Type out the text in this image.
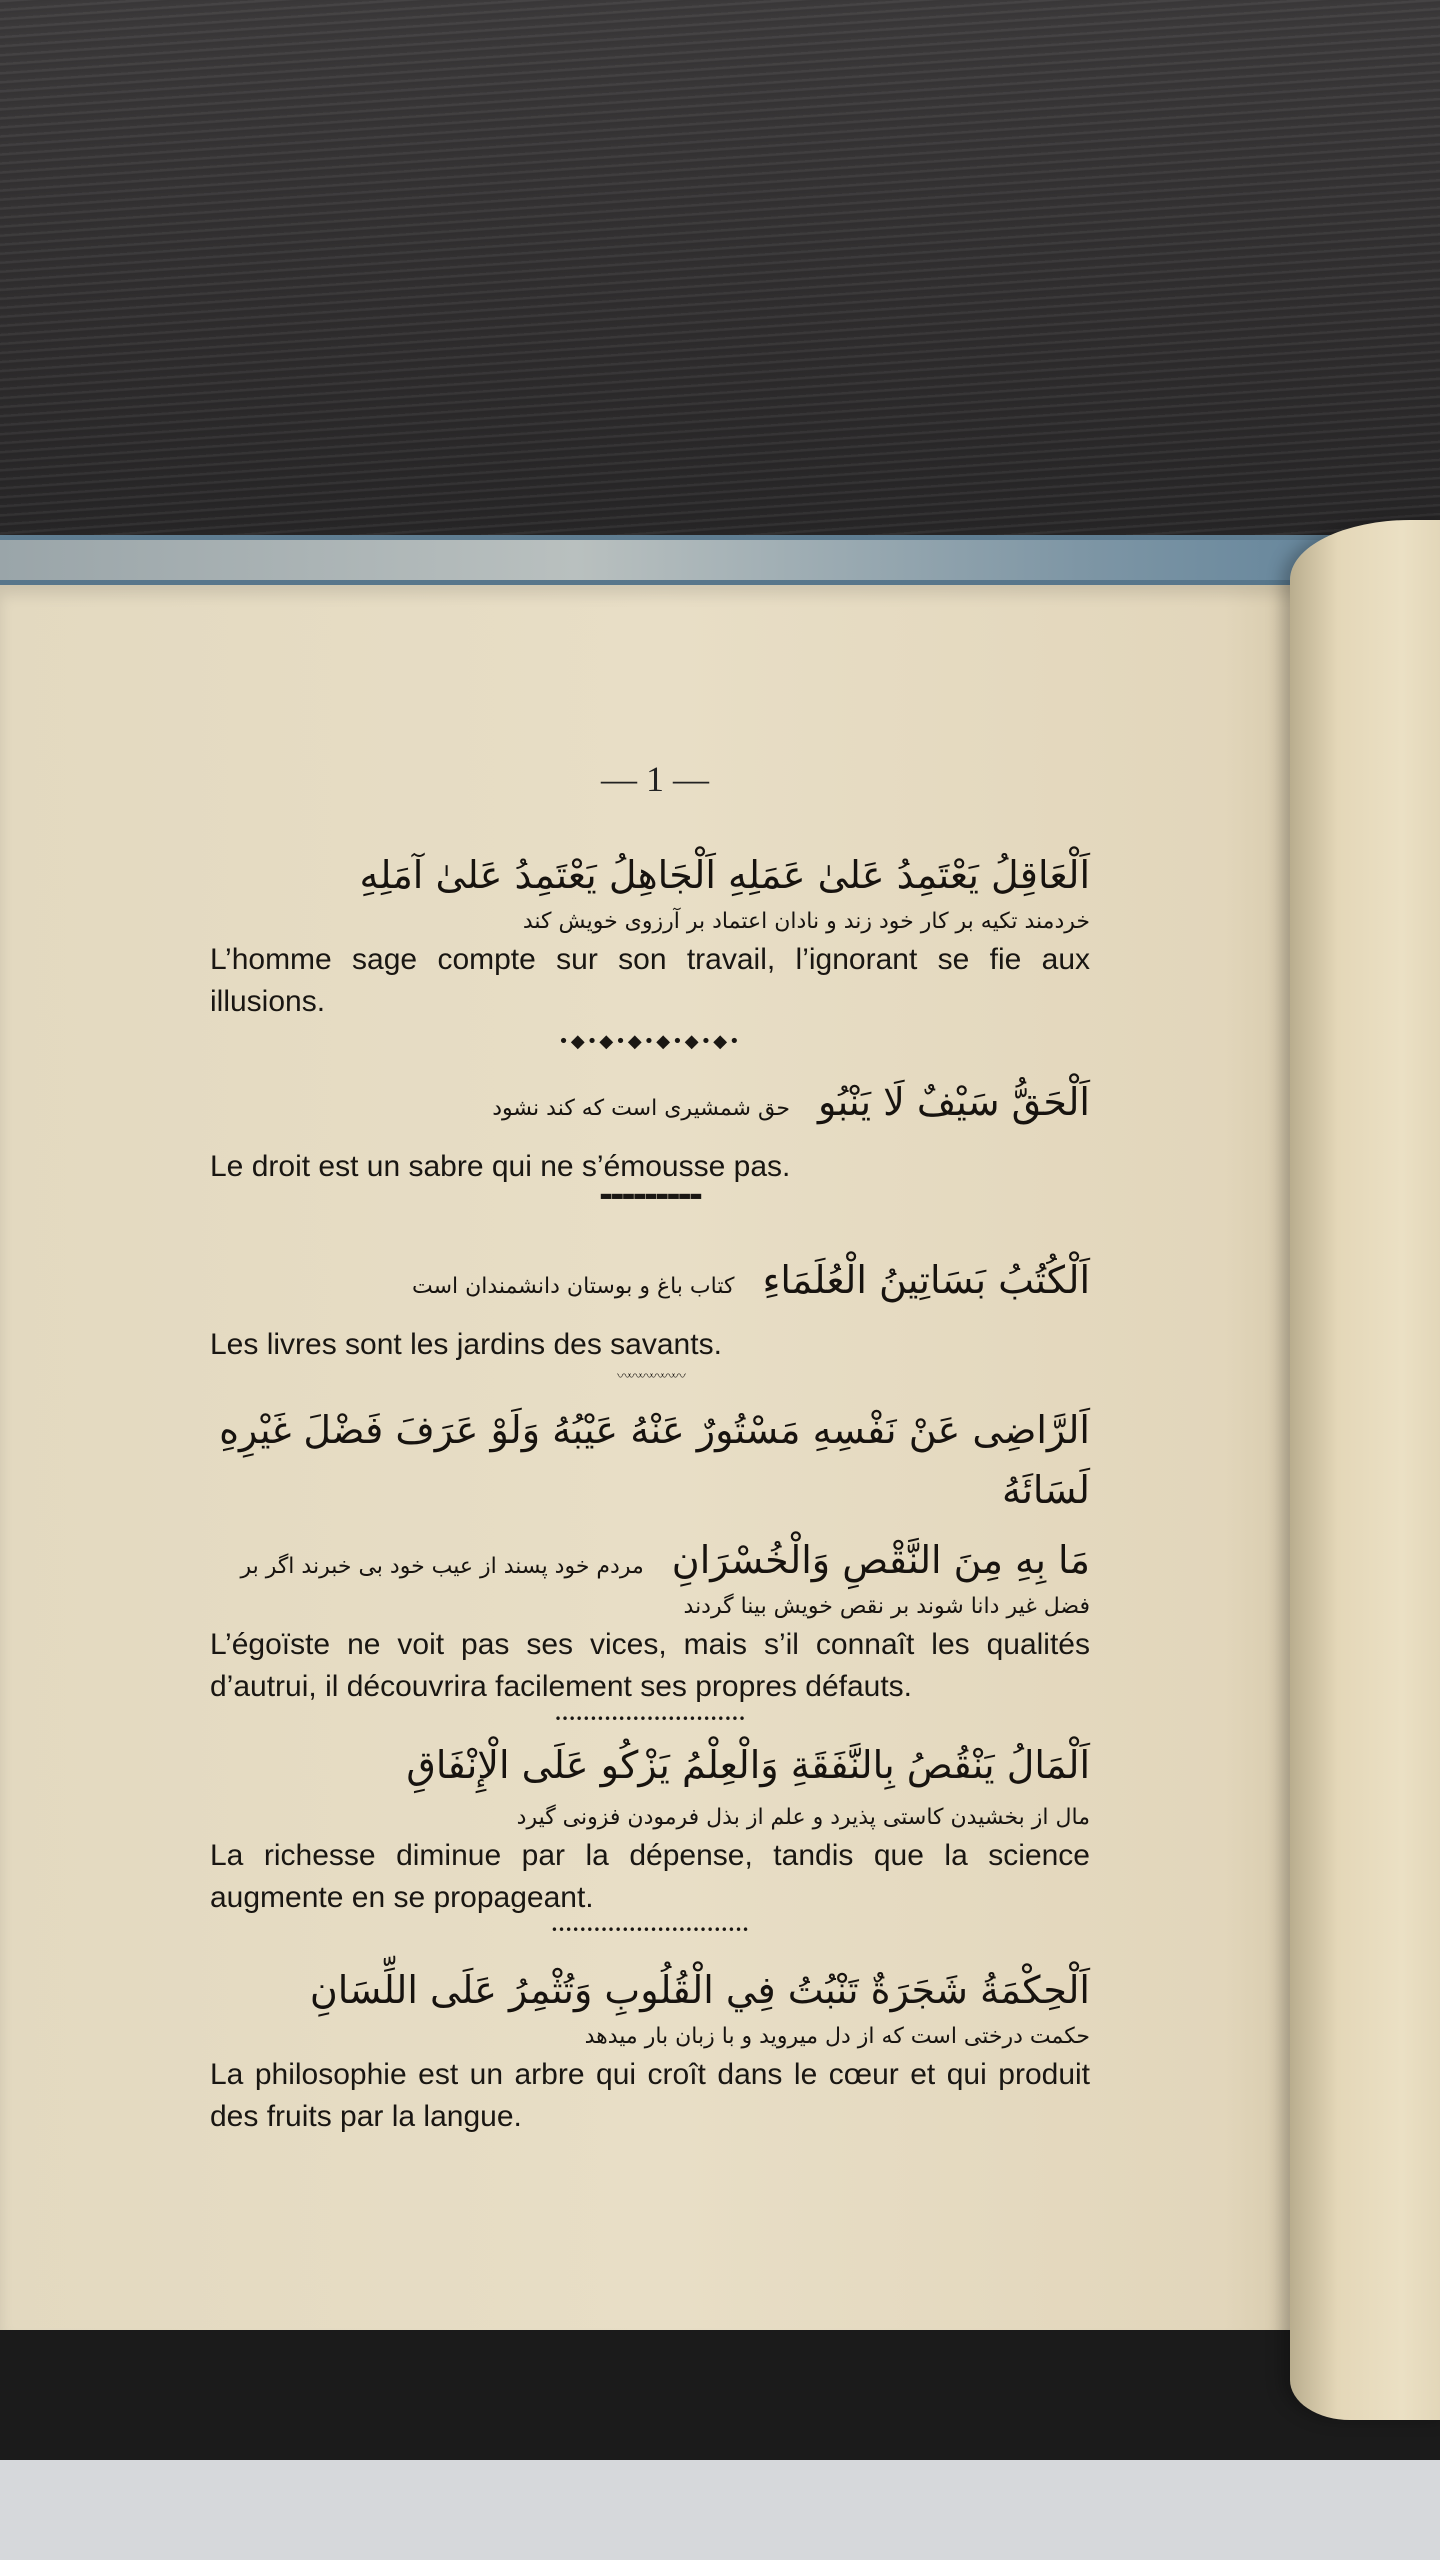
— 1 —
اَلْعَاقِلُ يَعْتَمِدُ عَلىٰ عَمَلِهِ اَلْجَاهِلُ يَعْتَمِدُ عَلىٰ آمَلِهِ
خردمند تکیه بر کار خود زند و نادان اعتماد بر آرزوی خویش کند
L’homme sage compte sur son travail, l’ignorant se fie aux illusions.
•◆•◆•◆•◆•◆•◆•
اَلْحَقُّ سَيْفٌ لَا يَنْبُو
حق شمشیری است که کند نشود
Le droit est un sabre qui ne s’émousse pas.
▬▬▬▬▬▬▬▬▬
اَلْكُتُبُ بَسَاتِينُ الْعُلَمَاءِ
کتاب باغ و بوستان دانشمندان است
Les livres sont les jardins des savants.
〰〰〰〰〰〰
اَلرَّاضِى عَنْ نَفْسِهِ مَسْتُورٌ عَنْهُ عَيْبُهُ وَلَوْ عَرَفَ فَضْلَ غَيْرِهِ لَسَائَهُ
مَا بِهِ مِنَ النَّقْصِ وَالْخُسْرَانِ
مردم خود پسند از عیب خود بی خبرند اگر بر
فضل غیر دانا شوند بر نقص خویش بینا گردند
L’égoïste ne voit pas ses vices, mais s’il connaît les qualités d’autrui, il découvrira facilement ses propres défauts.
•••••••••••••••••••••••••••
اَلْمَالُ يَنْقُصُ بِالنَّفَقَةِ وَالْعِلْمُ يَزْكُو عَلَى الْإِنْفَاقِ
مال از بخشیدن کاستی پذیرد و علم از بذل فرمودن فزونی گیرد
La richesse diminue par la dépense, tandis que la science augmente en se propageant.
••••••••••••••••••••••••••••
اَلْحِكْمَةُ شَجَرَةٌ تَنْبُتُ فِي الْقُلُوبِ وَتُثْمِرُ عَلَى اللِّسَانِ
حکمت درختی است که از دل میروید و با زبان بار میدهد
La philosophie est un arbre qui croît dans le cœur et qui produit des fruits par la langue.
